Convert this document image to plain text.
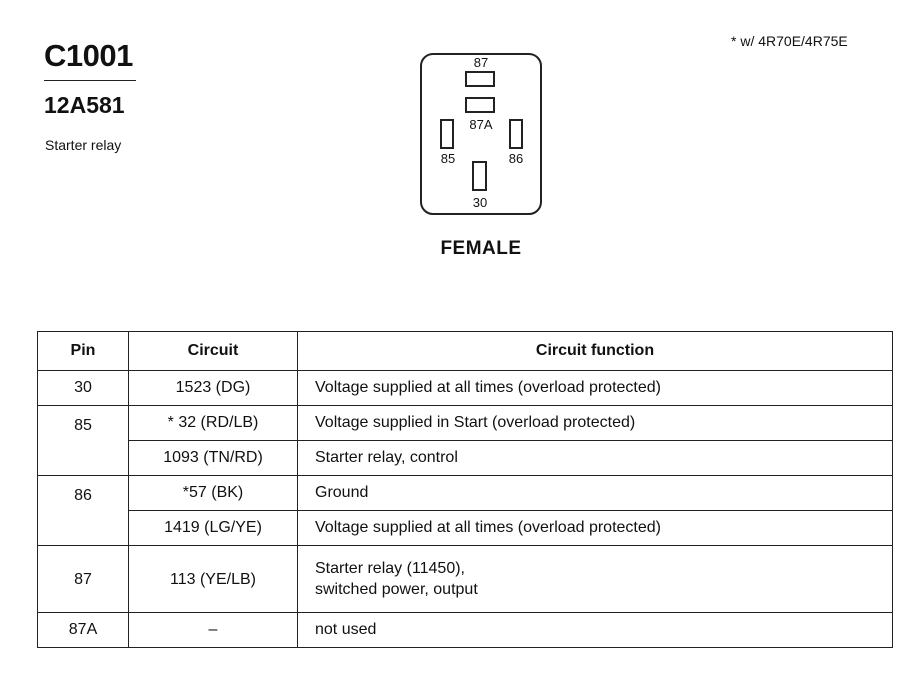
C1001
12A581
Starter relay
* w/ 4R70E/4R75E
87
87A
85	86
30
FEMALE
Pin	Circuit	Circuit function
30	1523 (DG)	Voltage supplied at all times (overload protected)
85	* 32 (RD/LB)	Voltage supplied in Start (overload protected)
	1093 (TN/RD)	Starter relay, control
86	*57 (BK)	Ground
	1419 (LG/YE)	Voltage supplied at all times (overload protected)
87	113 (YE/LB)	Starter relay (11450),
switched power, output

87A	–	not used
